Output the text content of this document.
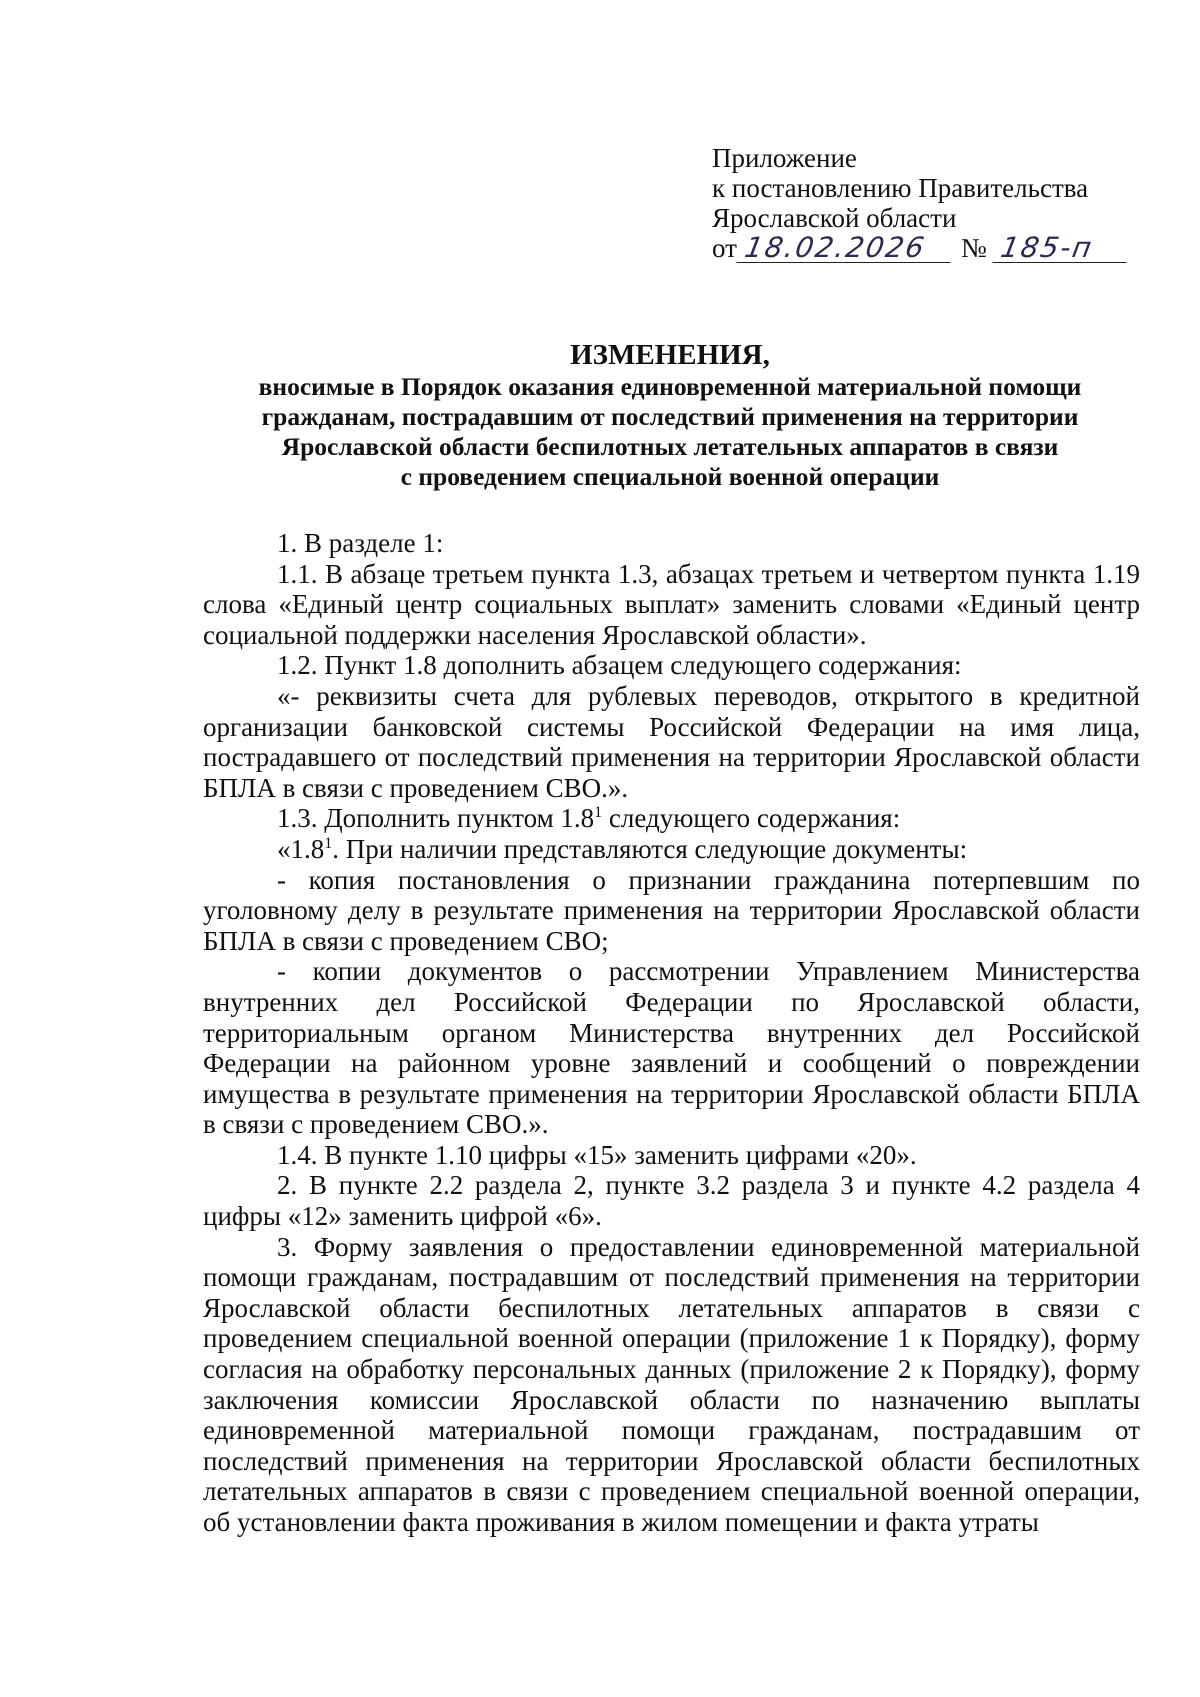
Приложение
к постановлению Правительства
Ярославской области
от 18.02.2026	№ 185-п
ИЗМЕНЕНИЯ,
вносимые в Порядок оказания единовременной материальной помощи
гражданам, пострадавшим от последствий применения на территории
Ярославской области беспилотных летательных аппаратов в связи
с проведением специальной военной операции

1. В разделе 1:

1.1. В абзаце третьем пункта 1.3, абзацах третьем и четвертом пункта 1.19 слова «Единый центр социальных выплат» заменить словами «Единый центр социальной поддержки населения Ярославской области».

1.2. Пункт 1.8 дополнить абзацем следующего содержания:

«- реквизиты счета для рублевых переводов, открытого в кредитной организации банковской системы Российской Федерации на имя лица, пострадавшего от последствий применения на территории Ярославской области БПЛА в связи с проведением СВО.».

1.3. Дополнить пунктом $1.8^1$ следующего содержания:

«$1.8^1$. При наличии представляются следующие документы:

- копия постановления о признании гражданина потерпевшим по уголовному делу в результате применения на территории Ярославской области БПЛА в связи с проведением СВО;

- копии документов о рассмотрении Управлением Министерства внутренних дел Российской Федерации по Ярославской области, территориальным органом Министерства внутренних дел Российской Федерации на районном уровне заявлений и сообщений о повреждении имущества в результате применения на территории Ярославской области БПЛА в связи с проведением СВО.».

1.4. В пункте 1.10 цифры «15» заменить цифрами «20».

2. В пункте 2.2 раздела 2, пункте 3.2 раздела 3 и пункте 4.2 раздела 4 цифры «12» заменить цифрой «6».

3. Форму заявления о предоставлении единовременной материальной помощи гражданам, пострадавшим от последствий применения на территории Ярославской области беспилотных летательных аппаратов в связи с проведением специальной военной операции (приложение 1 к Порядку), форму согласия на обработку персональных данных (приложение 2 к Порядку), форму заключения комиссии Ярославской области по назначению выплаты единовременной материальной помощи гражданам, пострадавшим от последствий применения на территории Ярославской области беспилотных летательных аппаратов в связи с проведением специальной военной операции, об установлении факта проживания в жилом помещении и факта утраты
